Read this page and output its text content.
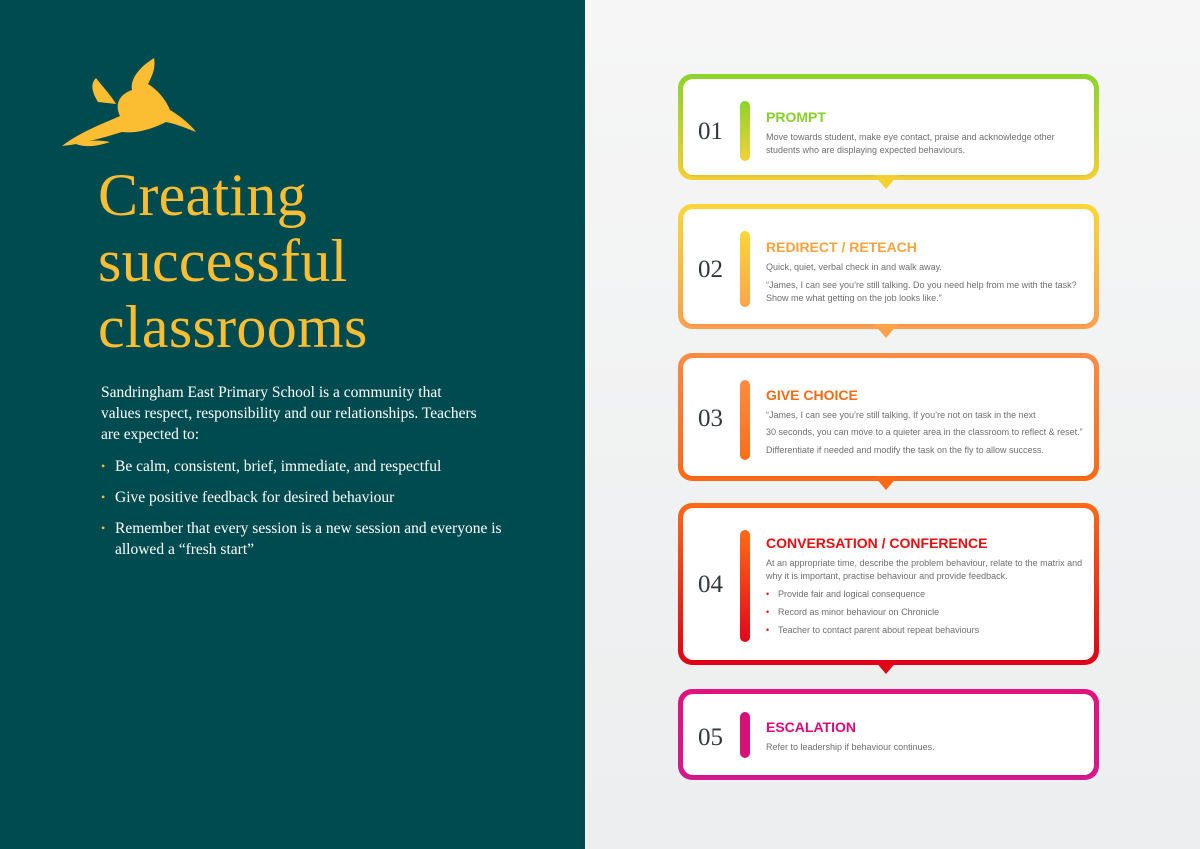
Creating
successful
classrooms

Sandringham East Primary School is a community that values respect, responsibility and our relationships. Teachers are expected to:

• Be calm, consistent, brief, immediate, and respectful
• Give positive feedback for desired behaviour
• Remember that every session is a new session and everyone is allowed a “fresh start”
01
PROMPT
Move towards student, make eye contact, praise and acknowledge other students who are displaying expected behaviours.
02
REDIRECT / RETEACH
Quick, quiet, verbal check in and walk away.
“James, I can see you’re still talking. Do you need help from me with the task? Show me what getting on the job looks like.”
03
GIVE CHOICE
“James, I can see you’re still talking. If you’re not on task in the next
30 seconds, you can move to a quieter area in the classroom to reflect & reset.”
Differentiate if needed and modify the task on the fly to allow success.
04
CONVERSATION / CONFERENCE
At an appropriate time, describe the problem behaviour, relate to the matrix and why it is important, practise behaviour and provide feedback.
• Provide fair and logical consequence
• Record as minor behaviour on Chronicle
• Teacher to contact parent about repeat behaviours
05	ESCALATION
Refer to leadership if behaviour continues.
